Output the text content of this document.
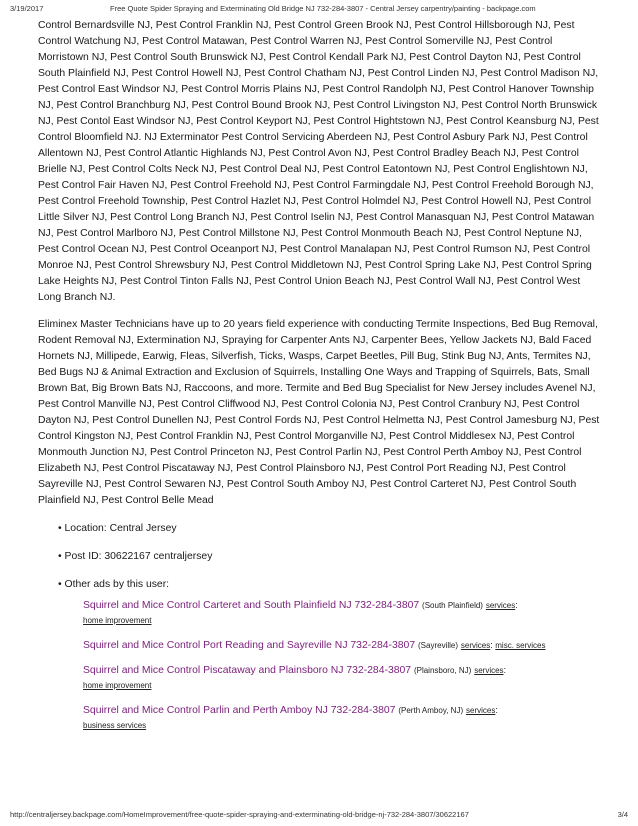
3/19/2017	Free Quote Spider Spraying and Exterminating Old Bridge NJ 732-284-3807 - Central Jersey carpentry/painting - backpage.com

Control Bernardsville NJ, Pest Control Franklin NJ, Pest Control Green Brook NJ, Pest Control Hillsborough NJ, Pest Control Watchung NJ, Pest Control Matawan, Pest Control Warren NJ, Pest Control Somerville NJ, Pest Control Morristown NJ, Pest Control South Brunswick NJ, Pest Control Kendall Park NJ, Pest Control Dayton NJ, Pest Control South Plainfield NJ, Pest Control Howell NJ, Pest Control Chatham NJ, Pest Control Linden NJ, Pest Control Madison NJ, Pest Control East Windsor NJ, Pest Control Morris Plains NJ, Pest Control Randolph NJ, Pest Control Hanover Township NJ, Pest Control Branchburg NJ, Pest Control Bound Brook NJ, Pest Control Livingston NJ, Pest Control North Brunswick NJ, Pest Contol East Windsor NJ, Pest Control Keyport NJ, Pest Control Hightstown NJ, Pest Control Keansburg NJ, Pest Control Bloomfield NJ. NJ Exterminator Pest Control Servicing Aberdeen NJ, Pest Control Asbury Park NJ, Pest Control Allentown NJ, Pest Control Atlantic Highlands NJ, Pest Control Avon NJ, Pest Control Bradley Beach NJ, Pest Control Brielle NJ, Pest Control Colts Neck NJ, Pest Control Deal NJ, Pest Control Eatontown NJ, Pest Control Englishtown NJ, Pest Control Fair Haven NJ, Pest Control Freehold NJ, Pest Control Farmingdale NJ, Pest Control Freehold Borough NJ, Pest Control Freehold Township, Pest Control Hazlet NJ, Pest Control Holmdel NJ, Pest Control Howell NJ, Pest Control Little Silver NJ, Pest Control Long Branch NJ, Pest Control Iselin NJ, Pest Control Manasquan NJ, Pest Control Matawan NJ, Pest Control Marlboro NJ, Pest Control Millstone NJ, Pest Control Monmouth Beach NJ, Pest Control Neptune NJ, Pest Control Ocean NJ, Pest Control Oceanport NJ, Pest Control Manalapan NJ, Pest Control Rumson NJ, Pest Control Monroe NJ, Pest Control Shrewsbury NJ, Pest Control Middletown NJ, Pest Control Spring Lake NJ, Pest Control Spring Lake Heights NJ, Pest Control Tinton Falls NJ, Pest Control Union Beach NJ, Pest Control Wall NJ, Pest Control West Long Branch NJ.

Eliminex Master Technicians have up to 20 years field experience with conducting Termite Inspections, Bed Bug Removal, Rodent Removal NJ, Extermination NJ, Spraying for Carpenter Ants NJ, Carpenter Bees, Yellow Jackets NJ, Bald Faced Hornets NJ, Millipede, Earwig, Fleas, Silverfish, Ticks, Wasps, Carpet Beetles, Pill Bug, Stink Bug NJ, Ants, Termites NJ, Bed Bugs NJ & Animal Extraction and Exclusion of Squirrels, Installing One Ways and Trapping of Squirrels, Bats, Small Brown Bat, Big Brown Bats NJ, Raccoons, and more. Termite and Bed Bug Specialist for New Jersey includes Avenel NJ, Pest Control Manville NJ, Pest Control Cliffwood NJ, Pest Control Colonia NJ, Pest Control Cranbury NJ, Pest Control Dayton NJ, Pest Control Dunellen NJ, Pest Control Fords NJ, Pest Control Helmetta NJ, Pest Control Jamesburg NJ, Pest Control Kingston NJ, Pest Control Franklin NJ, Pest Control Morganville NJ, Pest Control Middlesex NJ, Pest Control Monmouth Junction NJ, Pest Control Princeton NJ, Pest Control Parlin NJ, Pest Control Perth Amboy NJ, Pest Control Elizabeth NJ, Pest Control Piscataway NJ, Pest Control Plainsboro NJ, Pest Control Port Reading NJ, Pest Control Sayreville NJ, Pest Control Sewaren NJ, Pest Control South Amboy NJ, Pest Control Carteret NJ, Pest Control South Plainfield NJ, Pest Control Belle Mead

• Location: Central Jersey
• Post ID: 30622167 centraljersey
• Other ads by this user:
Squirrel and Mice Control Carteret and South Plainfield NJ 732-284-3807 (South Plainfield) services:
home improvement
Squirrel and Mice Control Port Reading and Sayreville NJ 732-284-3807 (Sayreville) services: misc. services
Squirrel and Mice Control Piscataway and Plainsboro NJ 732-284-3807 (Plainsboro, NJ) services:
home improvement
Squirrel and Mice Control Parlin and Perth Amboy NJ 732-284-3807 (Perth Amboy, NJ) services:
business services
http://centraljersey.backpage.com/HomeImprovement/free-quote-spider-spraying-and-exterminating-old-bridge-nj-732-284-3807/30622167	3/4
